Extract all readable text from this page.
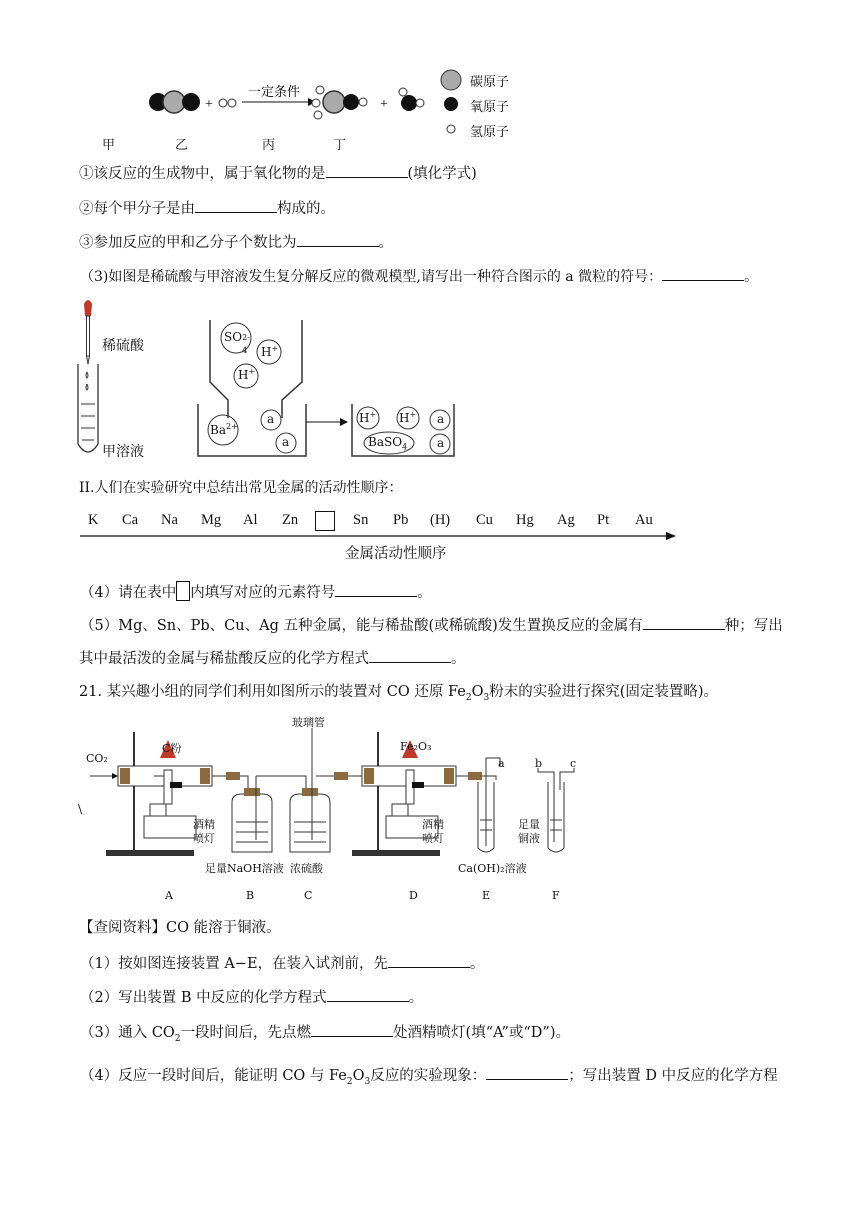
+
一定条件
+
碳原子
氧原子
氢原子
甲	乙	丙	丁
①该反应的生成物中，属于氧化物的是	(填化学式)
②每个甲分子是由	构成的。
③参加反应的甲和乙分子个数比为	。
（3)如图是稀硫酸与甲溶液发生复分解反应的微观模型,请写出一种符合图示的 a 微粒的符号：	。
稀硫酸
甲溶液
SO 2-
4 H+
H+
$Ba^{2+}$
a
a
H+ H+ a
BaSO$_4$ a
II.人们在实验研究中总结出常见金属的活动性顺序：
K Ca Na Mg Al Zn	Sn Pb (H) Cu Hg Ag Pt Au
金属活动性顺序
（4）请在表中 内填写对应的元素符号	。
（5）Mg、Sn、Pb、Cu、Ag 五种金属，能与稀盐酸(或稀硫酸)发生置换反应的金属有	种；写出
其中最活泼的金属与稀盐酸反应的化学方程式	。
21. 某兴趣小组的同学们利用如图所示的装置对 CO 还原 $Fe_2O_3$粉末的实验进行探究(固定装置略)。
CO₂
C粉
玻璃管
Fe₂O₃
a	b	c
酒精
喷灯
酒精
喷灯
足量
铜液
足量NaOH溶液 浓硫酸	Ca(OH)₂溶液
A	B	C	D	E	F
\
【查阅资料】CO 能溶于铜液。
（1）按如图连接装置 A−E，在装入试剂前，先	。
（2）写出装置 B 中反应的化学方程式	。
（3）通入 $CO_2$一段时间后，先点燃	处酒精喷灯(填“A”或“D”)。
（4）反应一段时间后，能证明 CO 与 $Fe_2O_3$反应的实验现象：	；写出装置 D 中反应的化学方程
